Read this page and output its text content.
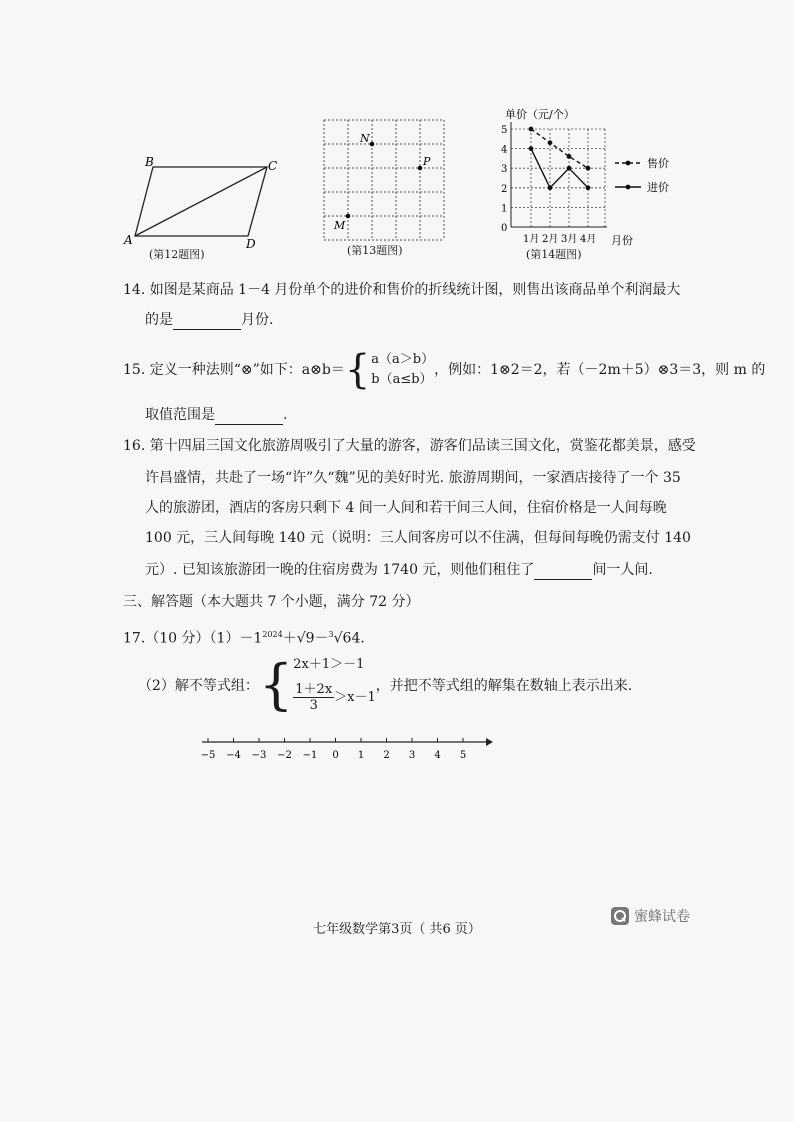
A
B	C
D
(第12题图)
N
P
M
(第13题图)
单价（元/个）
月份
0
1
2
3
4
5
1月 2月 3月 4月
售价
进价
(第14题图)
14. 如图是某商品 1－4 月份单个的进价和售价的折线统计图，则售出该商品单个利润最大
的是	月份.
15. 定义一种法则“⊗”如下：a⊗b＝ { a（a＞b）
b（a≤b）
，例如：1⊗2＝2，若（－2m＋5）⊗3＝3，则 m 的
取值范围是	.
16. 第十四届三国文化旅游周吸引了大量的游客，游客们品读三国文化，赏鉴花都美景，感受
许昌盛情，共赴了一场“许”久“魏”见的美好时光. 旅游周期间，一家酒店接待了一个 35
人的旅游团，酒店的客房只剩下 4 间一人间和若干间三人间，住宿价格是一人间每晚
100 元，三人间每晚 140 元（说明：三人间客房可以不住满，但每间每晚仍需支付 140
元）. 已知该旅游团一晚的住宿房费为 1740 元，则他们租住了	间一人间.
三、解答题（本大题共 7 个小题，满分 72 分）
17.（10 分）$(1)-1^{2024}+√9-^3√64$.
（2）解不等式组： { 2x＋1＞－1
$\frac{1+2x}{3} >x-1$
，并把不等式组的解集在数轴上表示出来.
−5 −4 −3 −2 −1 0 1 2 3 4 5
七年级数学第3页（ 共6 页）
蜜蜂试卷
